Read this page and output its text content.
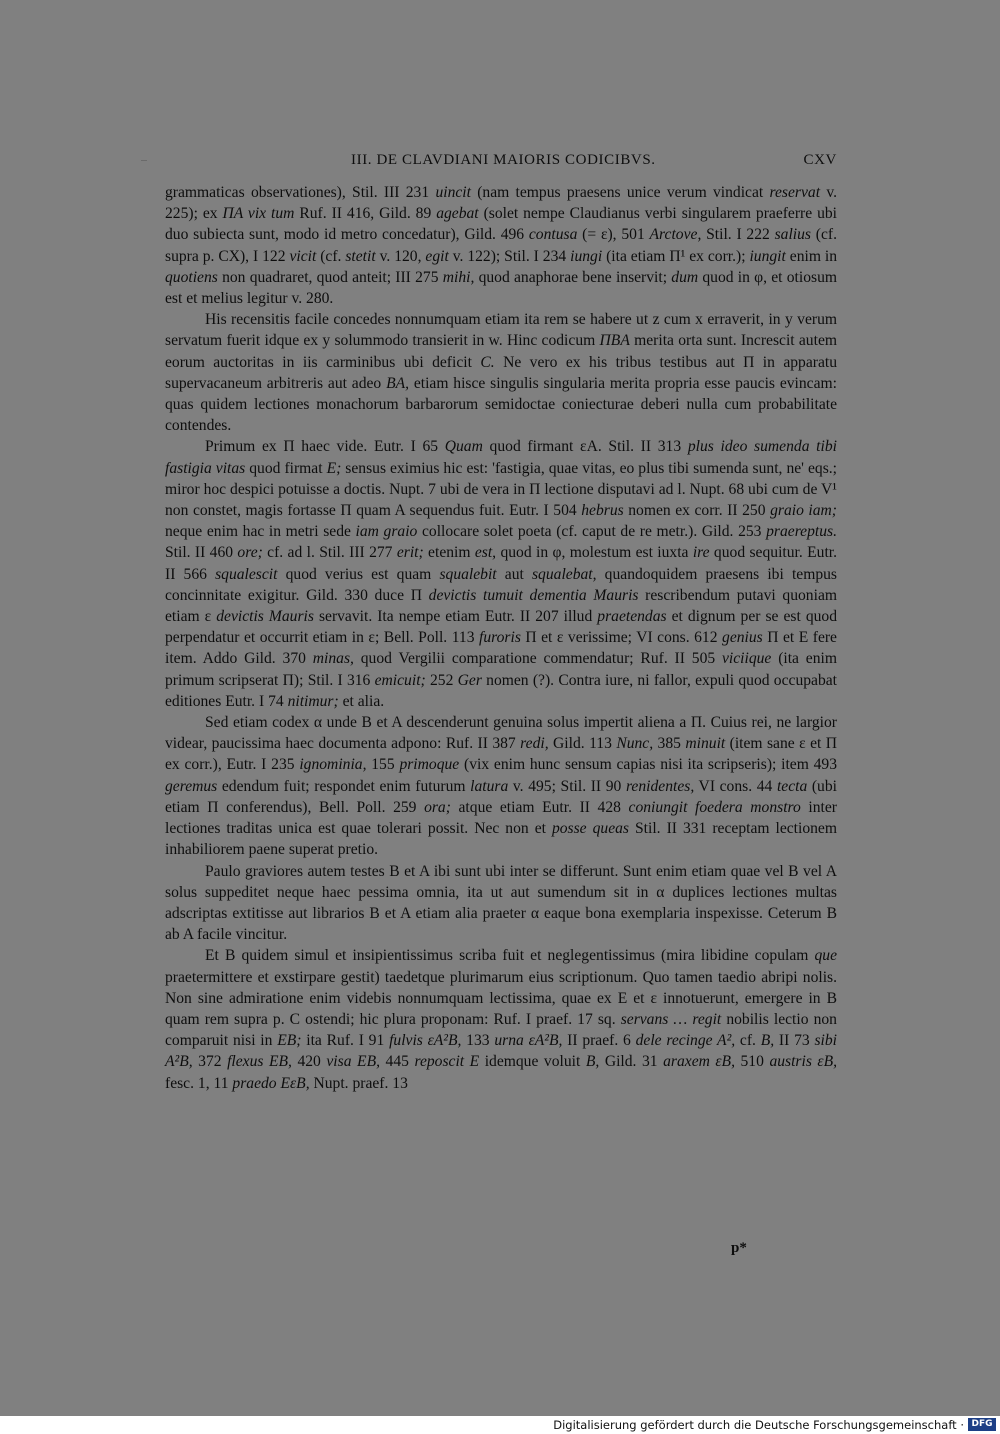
III. DE CLAVDIANI MAIORIS CODICIBVS.	CXV

grammaticas observationes), Stil. III 231 uincit (nam tempus praesens unice verum vindicat reservat v. 225); ex ΠA vix tum Ruf. II 416, Gild. 89 agebat (solet nempe Claudianus verbi singularem praeferre ubi duo subiecta sunt, modo id metro concedatur), Gild. 496 contusa (= ε), 501 Arctove, Stil. I 222 salius (cf. supra p. CX), I 122 vicit (cf. stetit v. 120, egit v. 122); Stil. I 234 iungi (ita etiam Π¹ ex corr.); iungit enim in quotiens non quadraret, quod anteit; III 275 mihi, quod anaphorae bene inservit; dum quod in φ, et otiosum est et melius legitur v. 280.

His recensitis facile concedes nonnumquam etiam ita rem se habere ut z cum x erraverit, in y verum servatum fuerit idque ex y solummodo transierit in w. Hinc codicum ΠBA merita orta sunt. Increscit autem eorum auctoritas in iis carminibus ubi deficit C. Ne vero ex his tribus testibus aut Π in apparatu supervacaneum arbitreris aut adeo BA, etiam hisce singulis singularia merita propria esse paucis evincam: quas quidem lectiones monachorum barbarorum semidoctae coniecturae deberi nulla cum probabilitate contendes.

Primum ex Π haec vide. Eutr. I 65 Quam quod firmant εA. Stil. II 313 plus ideo sumenda tibi fastigia vitas quod firmat E; sensus eximius hic est: 'fastigia, quae vitas, eo plus tibi sumenda sunt, ne' eqs.; miror hoc despici potuisse a doctis. Nupt. 7 ubi de vera in Π lectione disputavi ad l. Nupt. 68 ubi cum de V¹ non constet, magis fortasse Π quam A sequendus fuit. Eutr. I 504 hebrus nomen ex corr. II 250 graio iam; neque enim hac in metri sede iam graio collocare solet poeta (cf. caput de re metr.). Gild. 253 praereptus. Stil. II 460 ore; cf. ad l. Stil. III 277 erit; etenim est, quod in φ, molestum est iuxta ire quod sequitur. Eutr. II 566 squalescit quod verius est quam squalebit aut squalebat, quandoquidem praesens ibi tempus concinnitate exigitur. Gild. 330 duce Π devictis tumuit dementia Mauris rescribendum putavi quoniam etiam ε devictis Mauris servavit. Ita nempe etiam Eutr. II 207 illud praetendas et dignum per se est quod perpendatur et occurrit etiam in ε; Bell. Poll. 113 furoris Π et ε verissime; VI cons. 612 genius Π et E fere item. Addo Gild. 370 minas, quod Vergilii comparatione commendatur; Ruf. II 505 viciique (ita enim primum scripserat Π); Stil. I 316 emicuit; 252 Ger nomen (?). Contra iure, ni fallor, expuli quod occupabat editiones Eutr. I 74 nitimur; et alia.

Sed etiam codex α unde B et A descenderunt genuina solus impertit aliena a Π. Cuius rei, ne largior videar, paucissima haec documenta adpono: Ruf. II 387 redi, Gild. 113 Nunc, 385 minuit (item sane ε et Π ex corr.), Eutr. I 235 ignominia, 155 primoque (vix enim hunc sensum capias nisi ita scripseris); item 493 geremus edendum fuit; respondet enim futurum latura v. 495; Stil. II 90 renidentes, VI cons. 44 tecta (ubi etiam Π conferendus), Bell. Poll. 259 ora; atque etiam Eutr. II 428 coniungit foedera monstro inter lectiones traditas unica est quae tolerari possit. Nec non et posse queas Stil. II 331 receptam lectionem inhabiliorem paene superat pretio.

Paulo graviores autem testes B et A ibi sunt ubi inter se differunt. Sunt enim etiam quae vel B vel A solus suppeditet neque haec pessima omnia, ita ut aut sumendum sit in α duplices lectiones multas adscriptas extitisse aut librarios B et A etiam alia praeter α eaque bona exemplaria inspexisse. Ceterum B ab A facile vincitur.

Et B quidem simul et insipientissimus scriba fuit et neglegentissimus (mira libidine copulam que praetermittere et exstirpare gestit) taedetque plurimarum eius scriptionum. Quo tamen taedio abripi nolis. Non sine admiratione enim videbis nonnumquam lectissima, quae ex E et ε innotuerunt, emergere in B quam rem supra p. C ostendi; hic plura proponam: Ruf. I praef. 17 sq. servans … regit nobilis lectio non comparuit nisi in EB; ita Ruf. I 91 fulvis εA²B, 133 urna εA²B, II praef. 6 dele recinge A², cf. B, II 73 sibi A²B, 372 flexus EB, 420 visa EB, 445 reposcit E idemque voluit B, Gild. 31 araxem εB, 510 austris εB, fesc. 1, 11 praedo EεB, Nupt. praef. 13

p*
Digitalisierung gefördert durch die Deutsche Forschungsgemeinschaft · DFG
